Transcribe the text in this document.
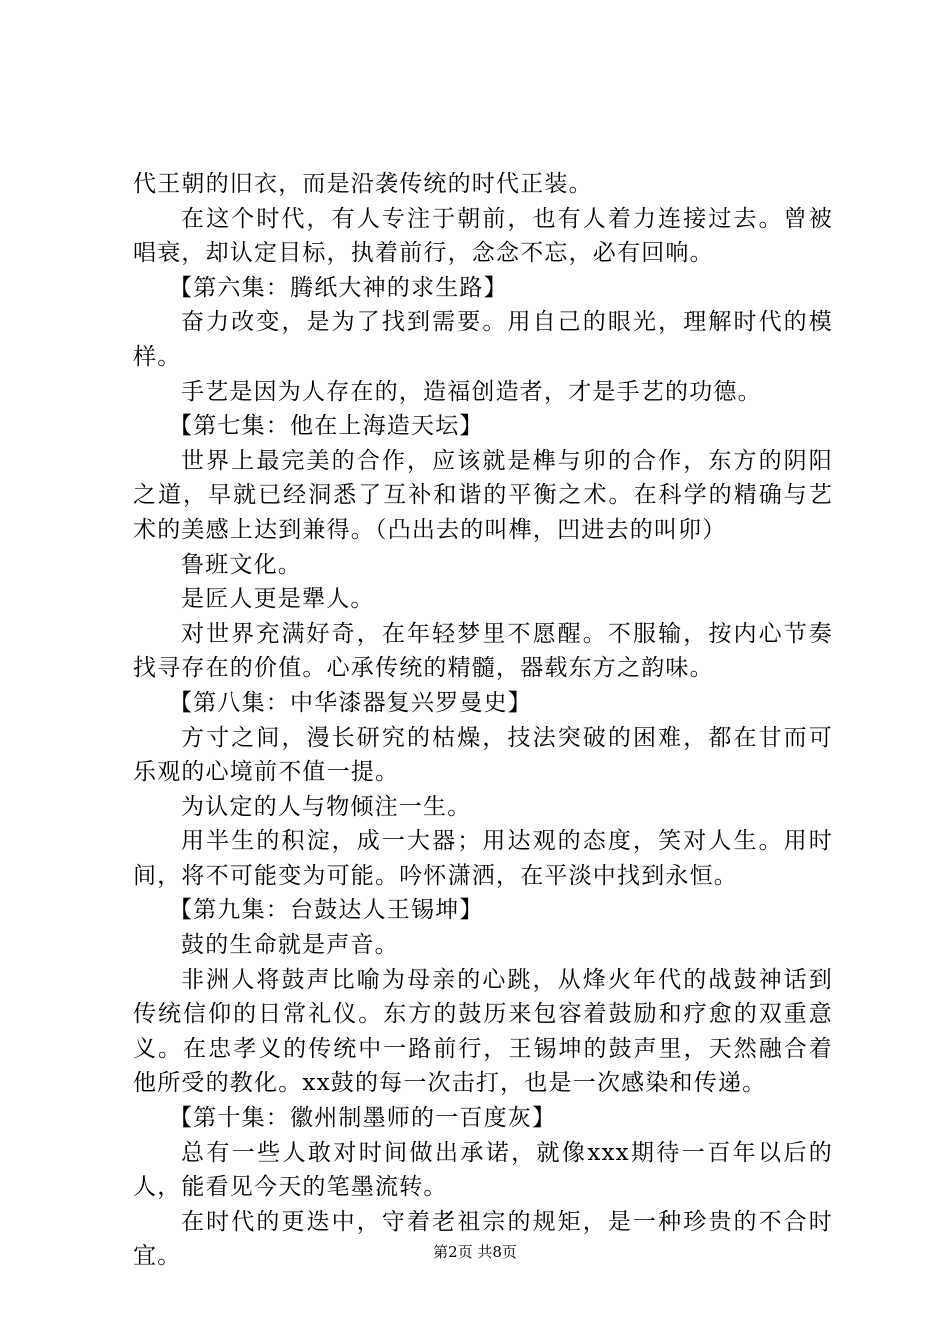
代王朝的旧衣，而是沿袭传统的时代正装。

在这个时代，有人专注于朝前，也有人着力连接过去。曾被唱衰，却认定目标，执着前行，念念不忘，必有回响。

【第六集：腾纸大神的求生路】

奋力改变，是为了找到需要。用自己的眼光，理解时代的模样。

手艺是因为人存在的，造福创造者，才是手艺的功德。

【第七集：他在上海造天坛】

世界上最完美的合作，应该就是榫与卯的合作，东方的阴阳之道，早就已经洞悉了互补和谐的平衡之术。在科学的精确与艺术的美感上达到兼得。（凸出去的叫榫，凹进去的叫卯）

鲁班文化。

是匠人更是犟人。

对世界充满好奇，在年轻梦里不愿醒。不服输，按内心节奏找寻存在的价值。心承传统的精髓，器载东方之韵味。

【第八集：中华漆器复兴罗曼史】

方寸之间，漫长研究的枯燥，技法突破的困难，都在甘而可乐观的心境前不值一提。

为认定的人与物倾注一生。

用半生的积淀，成一大器；用达观的态度，笑对人生。用时间，将不可能变为可能。吟怀潇洒，在平淡中找到永恒。

【第九集：台鼓达人王锡坤】

鼓的生命就是声音。

非洲人将鼓声比喻为母亲的心跳，从烽火年代的战鼓神话到传统信仰的日常礼仪。东方的鼓历来包容着鼓励和疗愈的双重意义。在忠孝义的传统中一路前行，王锡坤的鼓声里，天然融合着他所受的教化。xx鼓的每一次击打，也是一次感染和传递。

【第十集：徽州制墨师的一百度灰】

总有一些人敢对时间做出承诺，就像xxx期待一百年以后的人，能看见今天的笔墨流转。

在时代的更迭中，守着老祖宗的规矩，是一种珍贵的不合时宜。	第2页 共8页
